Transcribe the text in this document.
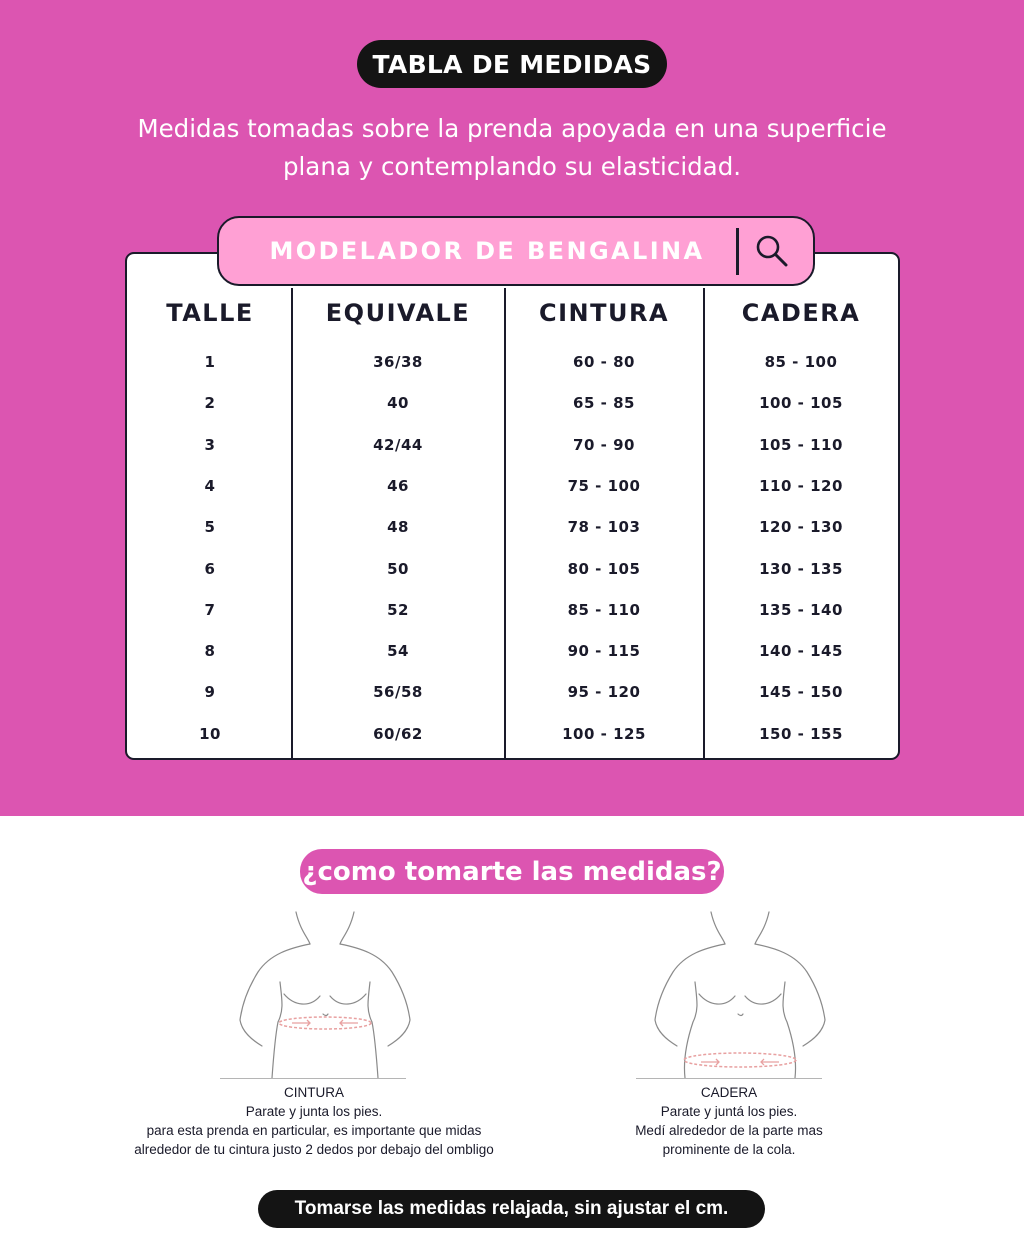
TABLA DE MEDIDAS
Medidas tomadas sobre la prenda apoyada en una superficie
plana y contemplando su elasticidad.
MODELADOR DE BENGALINA
TALLE	EQUIVALE	CINTURA	CADERA
1	36/38	60 - 80	85 - 100
2	40	65 - 85	100 - 105
3	42/44	70 - 90	105 - 110
4	46	75 - 100	110 - 120
5	48	78 - 103	120 - 130
6	50	80 - 105	130 - 135
7	52	85 - 110	135 - 140
8	54	90 - 115	140 - 145
9	56/58	95 - 120	145 - 150
10	60/62	100 - 125	150 - 155
¿como tomarte las medidas?
CINTURA
Parate y junta los pies.
para esta prenda en particular, es importante que midas
alrededor de tu cintura justo 2 dedos por debajo del ombligo
CADERA
Parate y juntá los pies.
Medí alrededor de la parte mas
prominente de la cola.
Tomarse las medidas relajada, sin ajustar el cm.
